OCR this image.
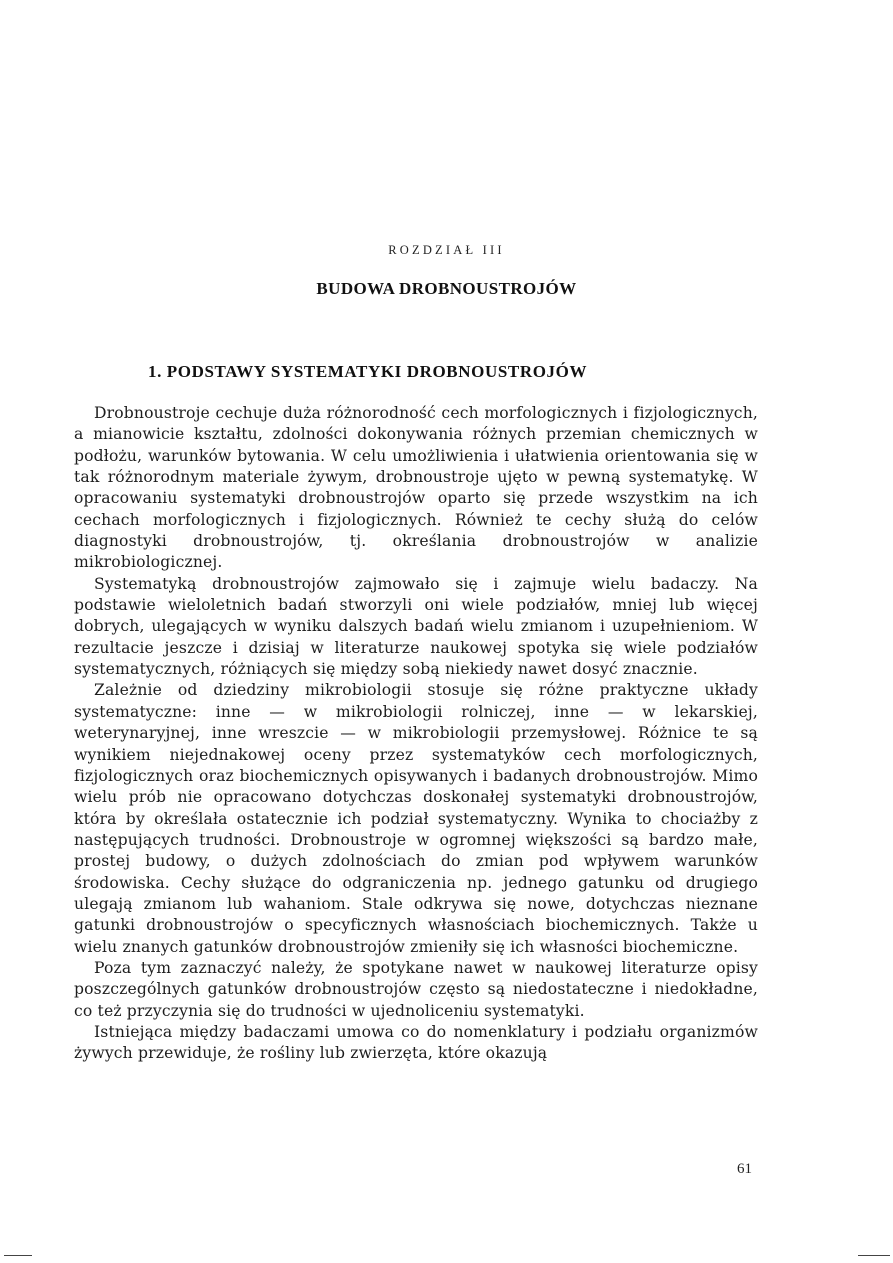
ROZDZIAŁ III
BUDOWA DROBNOUSTROJÓW
1. PODSTAWY SYSTEMATYKI DROBNOUSTROJÓW

Drobnoustroje cechuje duża różnorodność cech morfologicznych i fizjologicznych, a mianowicie kształtu, zdolności dokonywania różnych przemian chemicznych w podłożu, warunków bytowania. W celu umożliwienia i ułatwienia orientowania się w tak różnorodnym materiale żywym, drobnoustroje ujęto w pewną systematykę. W opracowaniu systematyki drobnoustrojów oparto się przede wszystkim na ich cechach morfologicznych i fizjologicznych. Również te cechy służą do celów diagnostyki drobnoustrojów, tj. określania drobnoustrojów w analizie mikrobiologicznej.

Systematyką drobnoustrojów zajmowało się i zajmuje wielu badaczy. Na podstawie wieloletnich badań stworzyli oni wiele podziałów, mniej lub więcej dobrych, ulegających w wyniku dalszych badań wielu zmianom i uzupełnieniom. W rezultacie jeszcze i dzisiaj w literaturze naukowej spotyka się wiele podziałów systematycznych, różniących się między sobą niekiedy nawet dosyć znacznie.

Zależnie od dziedziny mikrobiologii stosuje się różne praktyczne układy systematyczne: inne — w mikrobiologii rolniczej, inne — w lekarskiej, weterynaryjnej, inne wreszcie — w mikrobiologii przemysłowej. Różnice te są wynikiem niejednakowej oceny przez systematyków cech morfologicznych, fizjologicznych oraz biochemicznych opisywanych i badanych drobnoustrojów. Mimo wielu prób nie opracowano dotychczas doskonałej systematyki drobnoustrojów, która by określała ostatecznie ich podział systematyczny. Wynika to chociażby z następujących trudności. Drobnoustroje w ogromnej większości są bardzo małe, prostej budowy, o dużych zdolnościach do zmian pod wpływem warunków środowiska. Cechy służące do odgraniczenia np. jednego gatunku od drugiego ulegają zmianom lub wahaniom. Stale odkrywa się nowe, dotychczas nieznane gatunki drobnoustrojów o specyficznych własnościach biochemicznych. Także u wielu znanych gatunków drobnoustrojów zmieniły się ich własności biochemiczne.

Poza tym zaznaczyć należy, że spotykane nawet w naukowej literaturze opisy poszczególnych gatunków drobnoustrojów często są niedostateczne i niedokładne, co też przyczynia się do trudności w ujednoliceniu systematyki.

Istniejąca między badaczami umowa co do nomenklatury i podziału organizmów żywych przewiduje, że rośliny lub zwierzęta, które okazują

61
